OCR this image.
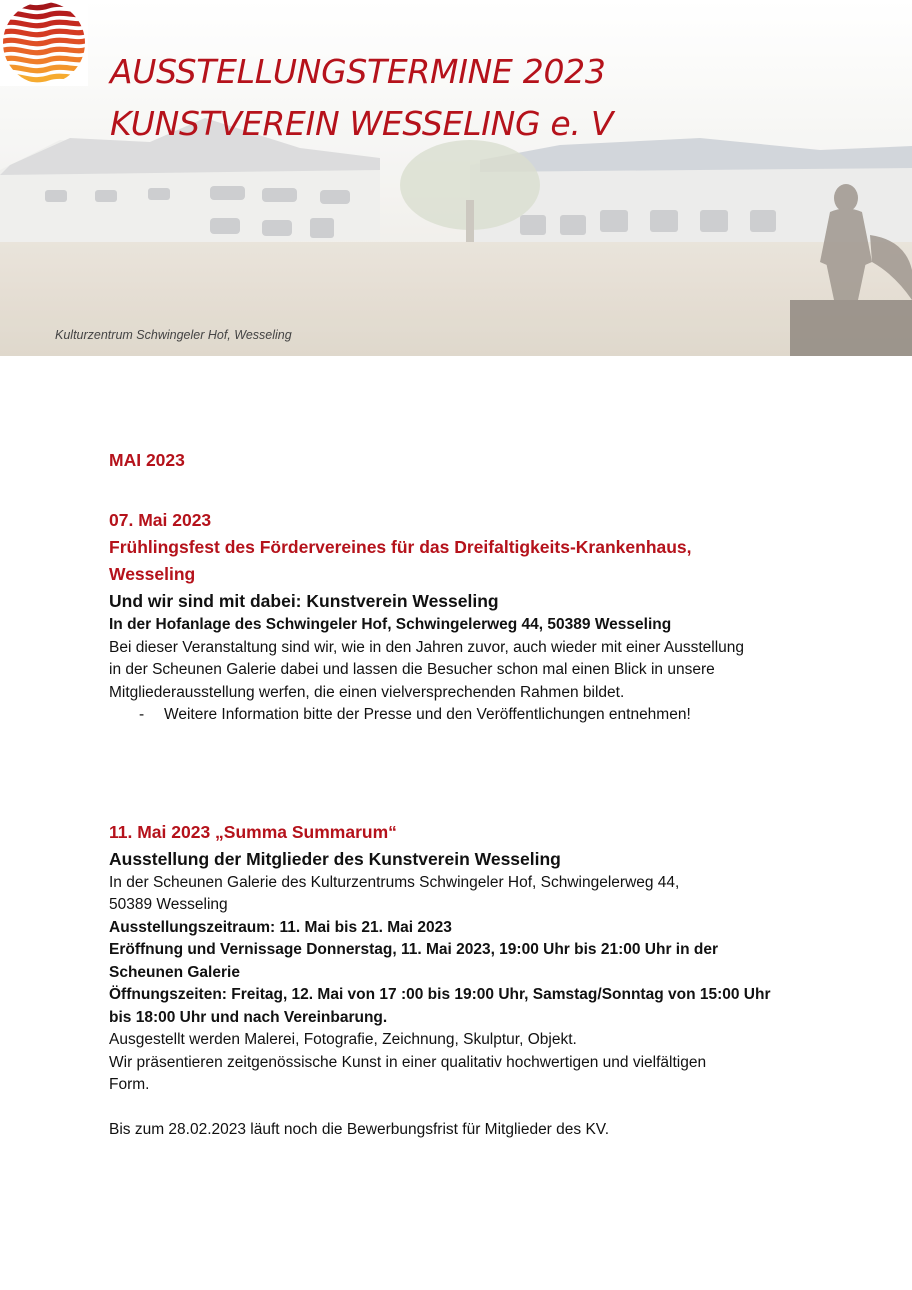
AUSSTELLUNGSTERMINE 2023
KUNSTVEREIN WESSELING e. V
Kulturzentrum Schwingeler Hof, Wesseling
MAI 2023
07. Mai 2023
Frühlingsfest des Fördervereines für das Dreifaltigkeits-Krankenhaus,
Wesseling
Und wir sind mit dabei: Kunstverein Wesseling
In der Hofanlage des Schwingeler Hof, Schwingelerweg 44, 50389 Wesseling
Bei dieser Veranstaltung sind wir, wie in den Jahren zuvor, auch wieder mit einer Ausstellung
in der Scheunen Galerie dabei und lassen die Besucher schon mal einen Blick in unsere
Mitgliederausstellung werfen, die einen vielversprechenden Rahmen bildet.
-	Weitere Information bitte der Presse und den Veröffentlichungen entnehmen!
11. Mai 2023 „Summa Summarum“
Ausstellung der Mitglieder des Kunstverein Wesseling
In der Scheunen Galerie des Kulturzentrums Schwingeler Hof, Schwingelerweg 44,
50389 Wesseling
Ausstellungszeitraum: 11. Mai bis 21. Mai 2023
Eröffnung und Vernissage Donnerstag, 11. Mai 2023, 19:00 Uhr bis 21:00 Uhr in der
Scheunen Galerie
Öffnungszeiten: Freitag, 12. Mai von 17 :00 bis 19:00 Uhr, Samstag/Sonntag von 15:00 Uhr
bis 18:00 Uhr und nach Vereinbarung.
Ausgestellt werden Malerei, Fotografie, Zeichnung, Skulptur, Objekt.
Wir präsentieren zeitgenössische Kunst in einer qualitativ hochwertigen und vielfältigen
Form.
Bis zum 28.02.2023 läuft noch die Bewerbungsfrist für Mitglieder des KV.
